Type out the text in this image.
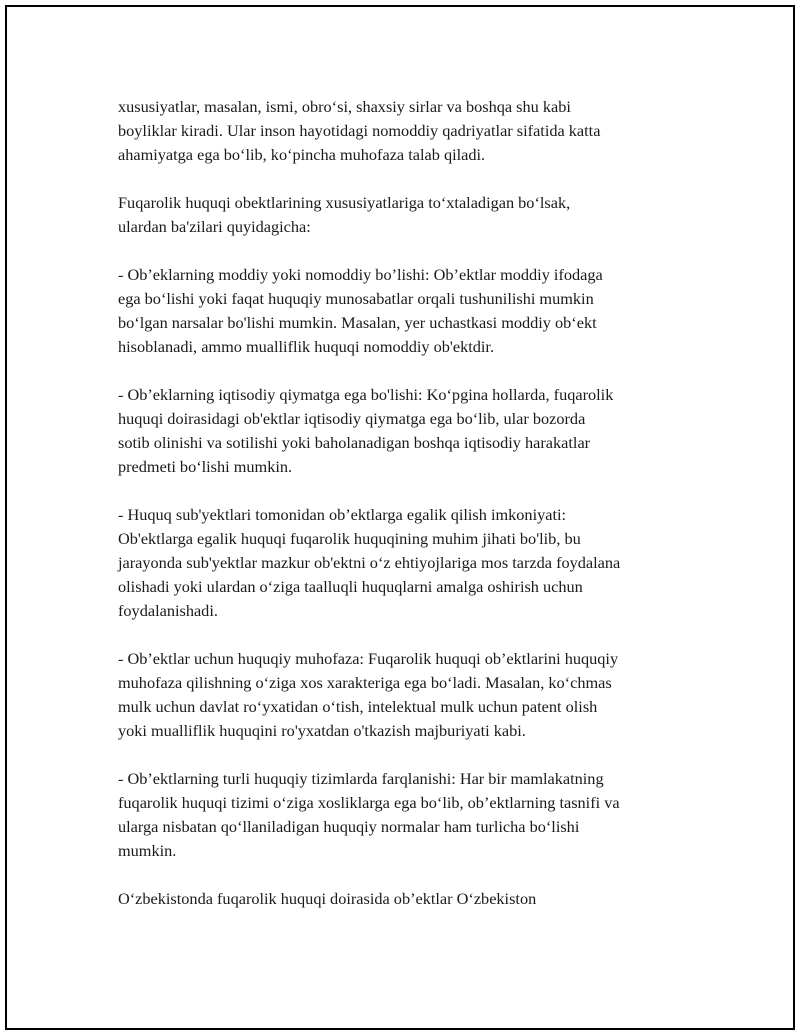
xususiyatlar, masalan, ismi, obro‘si, shaxsiy sirlar va boshqa shu kabi
boyliklar kiradi. Ular inson hayotidagi nomoddiy qadriyatlar sifatida katta
ahamiyatga ega bo‘lib, ko‘pincha muhofaza talab qiladi.

Fuqarolik huquqi obektlarining xususiyatlariga to‘xtaladigan bo‘lsak,
ulardan ba'zilari quyidagicha:

- Ob’eklarning moddiy yoki nomoddiy bo’lishi: Ob’ektlar moddiy ifodaga
ega bo‘lishi yoki faqat huquqiy munosabatlar orqali tushunilishi mumkin
bo‘lgan narsalar bo'lishi mumkin. Masalan, yer uchastkasi moddiy ob‘ekt
hisoblanadi, ammo mualliflik huquqi nomoddiy ob'ektdir.

- Ob’eklarning iqtisodiy qiymatga ega bo'lishi: Ko‘pgina hollarda, fuqarolik
huquqi doirasidagi ob'ektlar iqtisodiy qiymatga ega bo‘lib, ular bozorda
sotib olinishi va sotilishi yoki baholanadigan boshqa iqtisodiy harakatlar
predmeti bo‘lishi mumkin.

- Huquq sub'yektlari tomonidan ob’ektlarga egalik qilish imkoniyati:
Ob'ektlarga egalik huquqi fuqarolik huquqining muhim jihati bo'lib, bu
jarayonda sub'yektlar mazkur ob'ektni o‘z ehtiyojlariga mos tarzda foydalana
olishadi yoki ulardan o‘ziga taalluqli huquqlarni amalga oshirish uchun
foydalanishadi.

- Ob’ektlar uchun huquqiy muhofaza: Fuqarolik huquqi ob’ektlarini huquqiy
muhofaza qilishning o‘ziga xos xarakteriga ega bo‘ladi. Masalan, ko‘chmas
mulk uchun davlat ro‘yxatidan o‘tish, intelektual mulk uchun patent olish
yoki mualliflik huquqini ro'yxatdan o'tkazish majburiyati kabi.

- Ob’ektlarning turli huquqiy tizimlarda farqlanishi: Har bir mamlakatning
fuqarolik huquqi tizimi o‘ziga xosliklarga ega bo‘lib, ob’ektlarning tasnifi va
ularga nisbatan qo‘llaniladigan huquqiy normalar ham turlicha bo‘lishi
mumkin.

O‘zbekistonda fuqarolik huquqi doirasida ob’ektlar O‘zbekiston
